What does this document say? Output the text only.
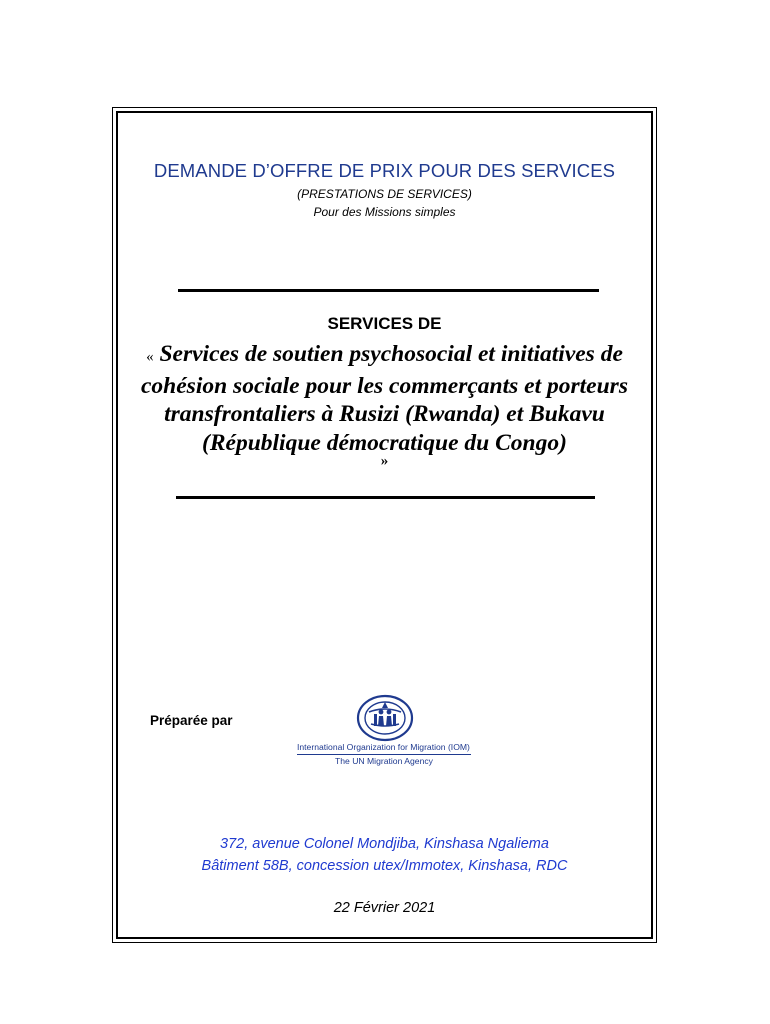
DEMANDE D’OFFRE DE PRIX POUR DES SERVICES
(PRESTATIONS DE SERVICES)
Pour des Missions simples
SERVICES DE
« Services de soutien psychosocial et initiatives de
cohésion sociale pour les commerçants et porteurs
transfrontaliers à Rusizi (Rwanda) et Bukavu
(République démocratique du Congo)
»
Préparée par
International Organization for Migration (IOM)
The UN Migration Agency
372, avenue Colonel Mondjiba, Kinshasa Ngaliema
Bâtiment 58B, concession utex/Immotex, Kinshasa, RDC
22 Février 2021
